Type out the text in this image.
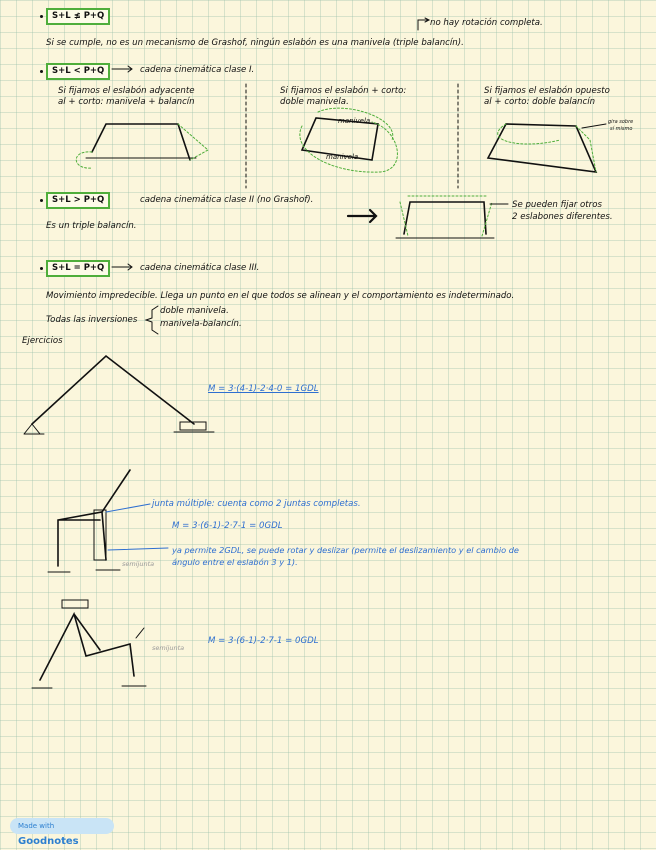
S+L ≰ P+Q
no hay rotación completa.
Si se cumple, no es un mecanismo de Grashof, ningún eslabón es una manivela (triple balancín).
S+L < P+Q	cadena cinemática clase I.
Si fijamos el eslabón adyacente
al + corto: manivela + balancín
Si fijamos el eslabón + corto:
doble manivela.
manivela
manivela
Si fijamos el eslabón opuesto
al + corto: doble balancín
gira sobre
sí mismo
S+L > P+Q	cadena cinemática clase II (no Grashof).
Es un triple balancín.
Se pueden fijar otros
2 eslabones diferentes.
S+L = P+Q	cadena cinemática clase III.
Movimiento impredecible. Llega un punto en el que todos se alinean y el comportamiento es indeterminado.
Todas las inversiones
doble manivela.
manivela-balancín.
Ejercicios
M = 3·(4-1)-2·4-0 = 1GDL
junta múltiple: cuenta como 2 juntas completas.
M = 3·(6-1)-2·7-1 = 0GDL
ya permite 2GDL, se puede rotar y deslizar (permite el deslizamiento y el cambio de
ángulo entre el eslabón 3 y 1).
semijunta
M = 3·(6-1)-2·7-1 = 0GDL
semijunta
Made with Goodnotes
